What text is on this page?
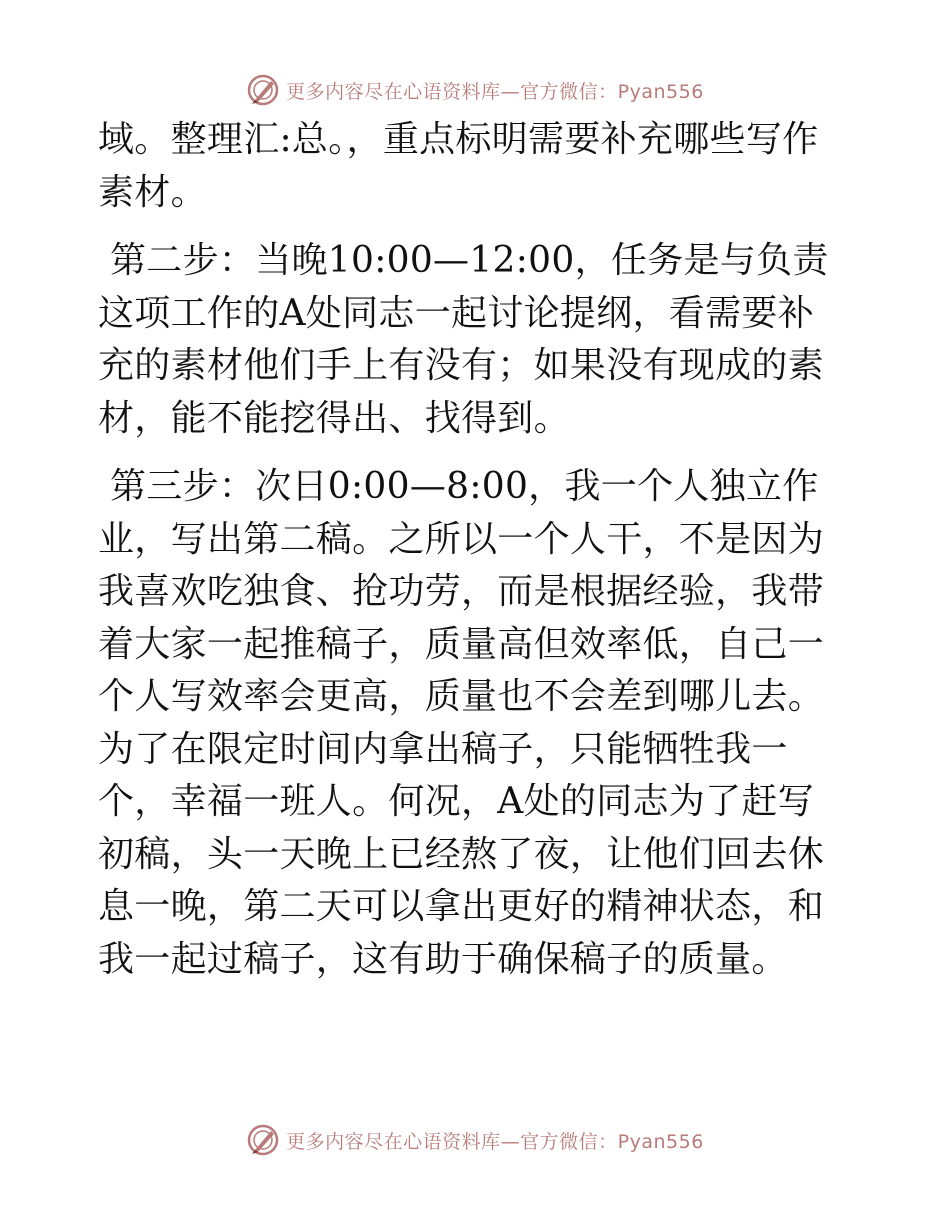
更多内容尽在心语资料库—官方微信：Pyan556

域。整理汇:总。，重点标明需要补充哪些写作素材。

第二步：当晚10:00—12:00，任务是与负责这项工作的A处同志一起讨论提纲，看需要补充的素材他们手上有没有；如果没有现成的素材，能不能挖得出、找得到。

第三步：次日0:00—8:00，我一个人独立作业，写出第二稿。之所以一个人干，不是因为我喜欢吃独食、抢功劳，而是根据经验，我带着大家一起推稿子，质量高但效率低，自己一个人写效率会更高，质量也不会差到哪儿去。为了在限定时间内拿出稿子，只能牺牲我一个，幸福一班人。何况，A处的同志为了赶写初稿，头一天晚上已经熬了夜，让他们回去休息一晚，第二天可以拿出更好的精神状态，和我一起过稿子，这有助于确保稿子的质量。

更多内容尽在心语资料库—官方微信：Pyan556
